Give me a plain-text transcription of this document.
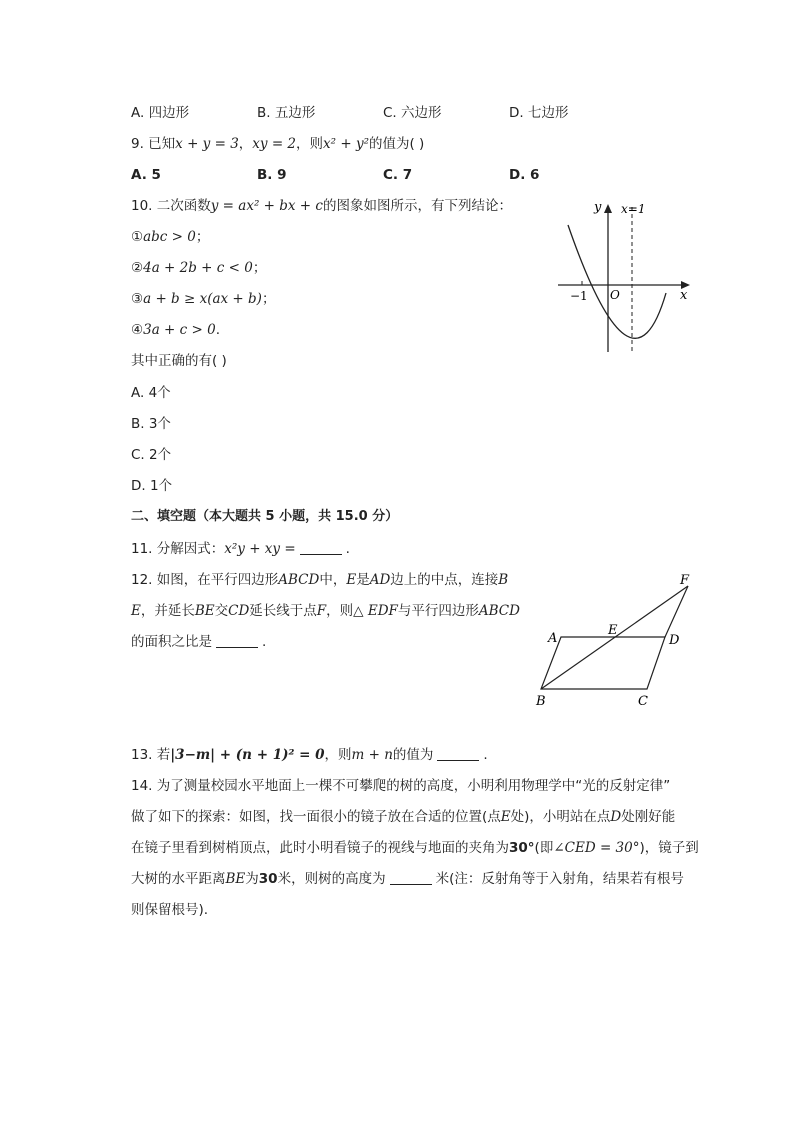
A. 四边形	B. 五边形	C. 六边形	D. 七边形
9. 已知x + y = 3，xy = 2，则x² + y²的值为( )
A. 5	B. 9	C. 7	D. 6
10. 二次函数y = ax² + bx + c的图象如图所示，有下列结论：
①abc > 0；
②4a + 2b + c < 0；
③a + b ≥ x(ax + b)；
④3a + c > 0.
其中正确的有( )
A. 4个
B. 3个
C. 2个
D. 1个
y
x
x=1
−1 O
二、填空题（本大题共 5 小题，共 15.0 分）
11. 分解因式：x²y + xy =	.
12. 如图，在平行四边形ABCD中，E是AD边上的中点，连接B
E，并延长BE交CD延长线于点F，则△ EDF与平行四边形ABCD
的面积之比是	.	A
E
D
F
B	C
13. 若|3−m| + (n + 1)² = 0，则m + n的值为	.
14. 为了测量校园水平地面上一棵不可攀爬的树的高度，小明利用物理学中“光的反射定律”
做了如下的探索：如图，找一面很小的镜子放在合适的位置(点E处)，小明站在点D处刚好能
在镜子里看到树梢顶点，此时小明看镜子的视线与地面的夹角为30°(即∠CED = 30°)，镜子到
大树的水平距离BE为30米，则树的高度为	米(注：反射角等于入射角，结果若有根号
则保留根号).
